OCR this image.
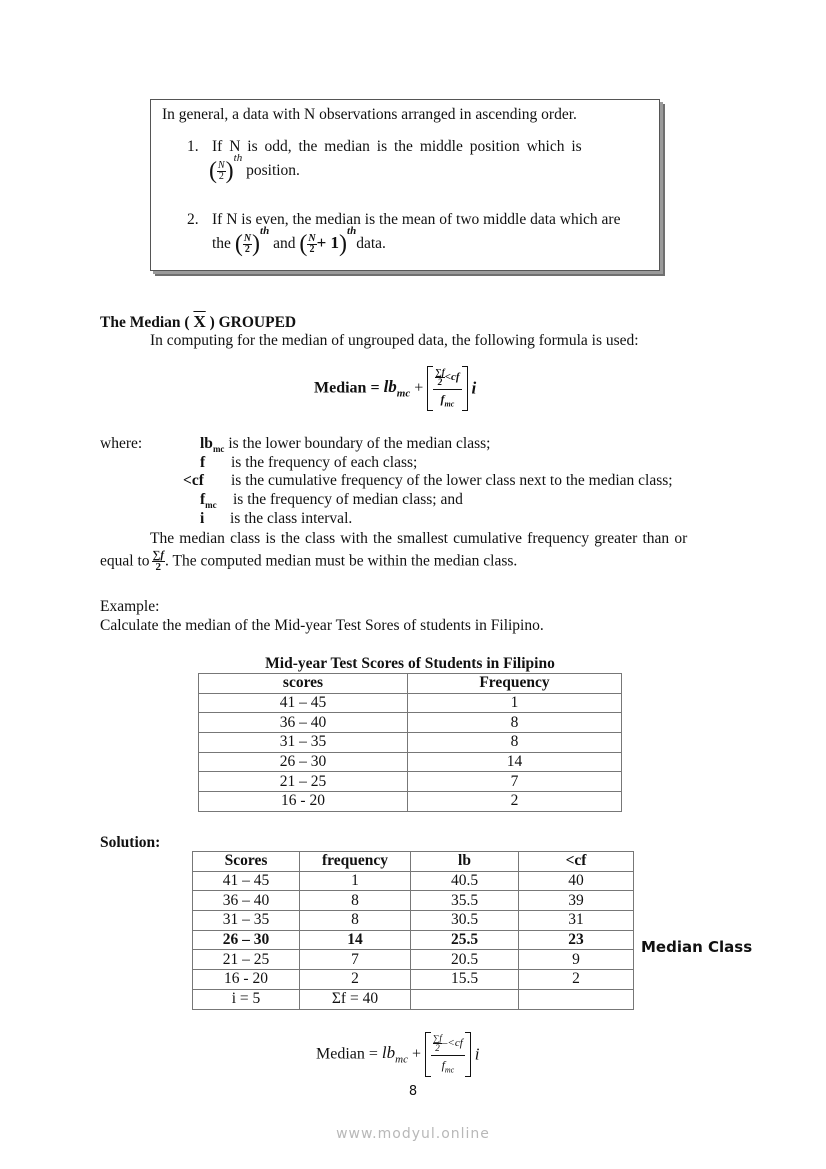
In general, a data with N observations arranged in ascending order.
1. If N is odd, the median is the middle position which is
( $\frac{N}{2} )^{th}$ position.
2. If N is even, the median is the mean of two middle data which are
the ( $\frac{N}{2} )^{th}$ and ( $\frac{N}{2}$ + 1)$^{th}$data.
The Median ( $\overline{X}$ ) GROUPED
In computing for the median of ungrouped data, the following formula is used:
Median = $lb_{mc}$ +
$\frac{\sum f}{2}<cf$
$f_{mc}$
i
where:	$lb_{mc}$ is the lower boundary of the median class;
f is the frequency of each class;
<cf is the cumulative frequency of the lower class next to the median class;
$f_{mc}$ is the frequency of median class; and
i is the class interval.
The median class is the class with the smallest cumulative frequency greater than or
equal to $\frac{\sum f}{2}$ . The computed median must be within the median class.
Example:
Calculate the median of the Mid-year Test Sores of students in Filipino.
Mid-year Test Scores of Students in Filipino
scores	Frequency
41 – 45	1
36 – 40	8
31 – 35	8
26 – 30	14
21 – 25	7
16 - 20	2
Solution:
Scores	frequency	lb	<cf
41 – 45	1	40.5	40
36 – 40	8	35.5	39
31 – 35	8	30.5	31
26 – 30	14	25.5	23
21 – 25	7	20.5	9
16 - 20	2	15.5	2
i = 5	Σf = 40		
Median Class
Median = $lb_{mc}$ +
$\frac{\sum f}{2}-<cf$
$f_{mc}$
i
8
www.modyul.online
